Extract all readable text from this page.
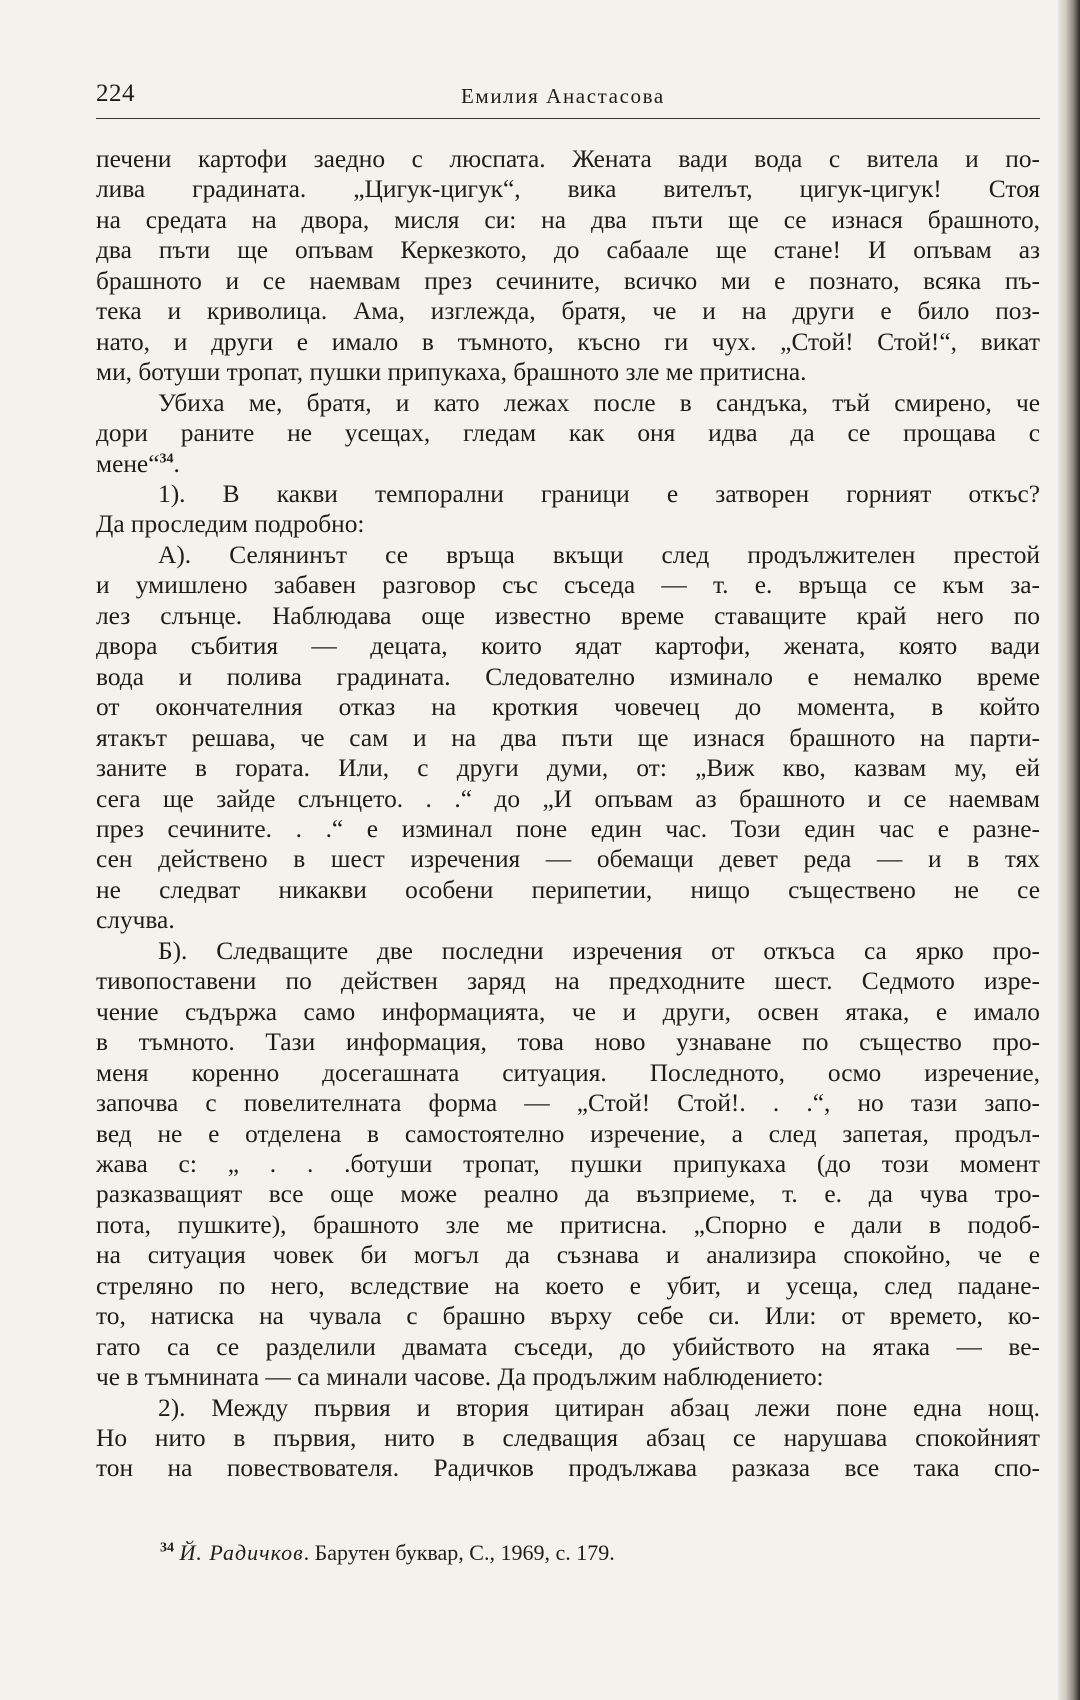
224	Емилия Анастасова
печени картофи заедно с люспата. Жената вади вода с витела и по-
лива градината. „Цигук-цигук“, вика вителът, цигук-цигук! Стоя
на средата на двора, мисля си: на два пъти ще се изнася брашното,
два пъти ще опъвам Керкезкото, до сабаале ще стане! И опъвам аз
брашното и се наемвам през сечините, всичко ми е познато, всяка пъ-
тека и криволица. Ама, изглежда, братя, че и на други е било поз-
нато, и други е имало в тъмното, късно ги чух. „Стой! Стой!“, викат
ми, ботуши тропат, пушки припукаха, брашното зле ме притисна.
Убиха ме, братя, и като лежах после в сандъка, тъй смирено, че
дори раните не усещах, гледам как оня идва да се прощава с
мене“$^{34}$.
1). В какви темпорални граници е затворен горният откъс?
Да проследим подробно:
А). Селянинът се връща вкъщи след продължителен престой
и умишлено забавен разговор със съседа — т. е. връща се към за-
лез слънце. Наблюдава още известно време ставащите край него по
двора събития — децата, които ядат картофи, жената, която вади
вода и полива градината. Следователно изминало е немалко време
от окончателния отказ на кроткия човечец до момента, в който
ятакът решава, че сам и на два пъти ще изнася брашното на парти-
заните в гората. Или, с други думи, от: „Виж кво, казвам му, ей
сега ще зайде слънцето. . .“ до „И опъвам аз брашното и се наемвам
през сечините. . .“ е изминал поне един час. Този един час е разне-
сен действено в шест изречения — обемащи девет реда — и в тях
не следват никакви особени перипетии, нищо съществено не се
случва.
Б). Следващите две последни изречения от откъса са ярко про-
тивопоставени по действен заряд на предходните шест. Седмото изре-
чение съдържа само информацията, че и други, освен ятака, е имало
в тъмното. Тази информация, това ново узнаване по същество про-
меня коренно досегашната ситуация. Последното, осмо изречение,
започва с повелителната форма — „Стой! Стой!. . .“, но тази запо-
вед не е отделена в самостоятелно изречение, а след запетая, продъл-
жава с: „ . . .ботуши тропат, пушки припукаха (до този момент
разказващият все още може реално да възприеме, т. е. да чува тро-
пота, пушките), брашното зле ме притисна. „Спорно е дали в подоб-
на ситуация човек би могъл да съзнава и анализира спокойно, че е
стреляно по него, вследствие на което е убит, и усеща, след падане-
то, натиска на чувала с брашно върху себе си. Или: от времето, ко-
гато са се разделили двамата съседи, до убийството на ятака — ве-
че в тъмнината — са минали часове. Да продължим наблюдението:
2). Между първия и втория цитиран абзац лежи поне една нощ.
Но нито в първия, нито в следващия абзац се нарушава спокойният
тон на повествователя. Радичков продължава разказа все така спо-
$^{34}$ Й. Радичков. Барутен буквар, С., 1969, с. 179.
